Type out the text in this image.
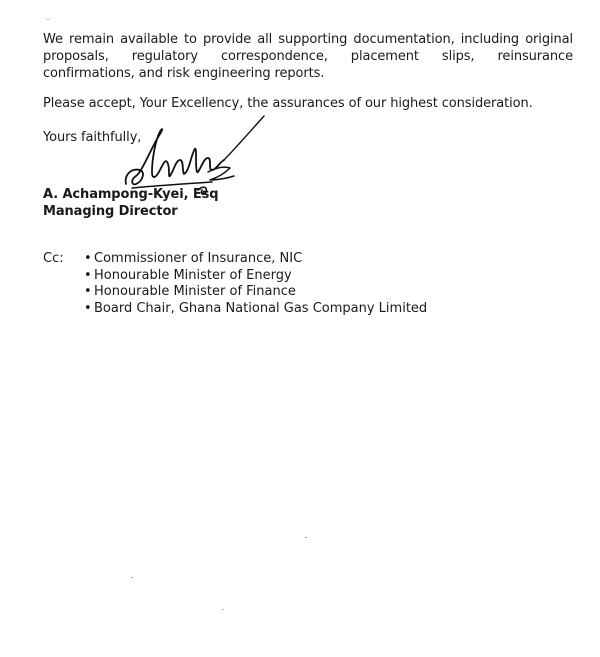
We remain available to provide all supporting documentation, including original proposals, regulatory correspondence, placement slips, reinsurance confirmations, and risk engineering reports.

Please accept, Your Excellency, the assurances of our highest consideration.

Yours faithfully,

A. Achampong-Kyei, Esq
Managing Director
Cc:	• Commissioner of Insurance, NIC
• Honourable Minister of Energy
• Honourable Minister of Finance
• Board Chair, Ghana National Gas Company Limited
